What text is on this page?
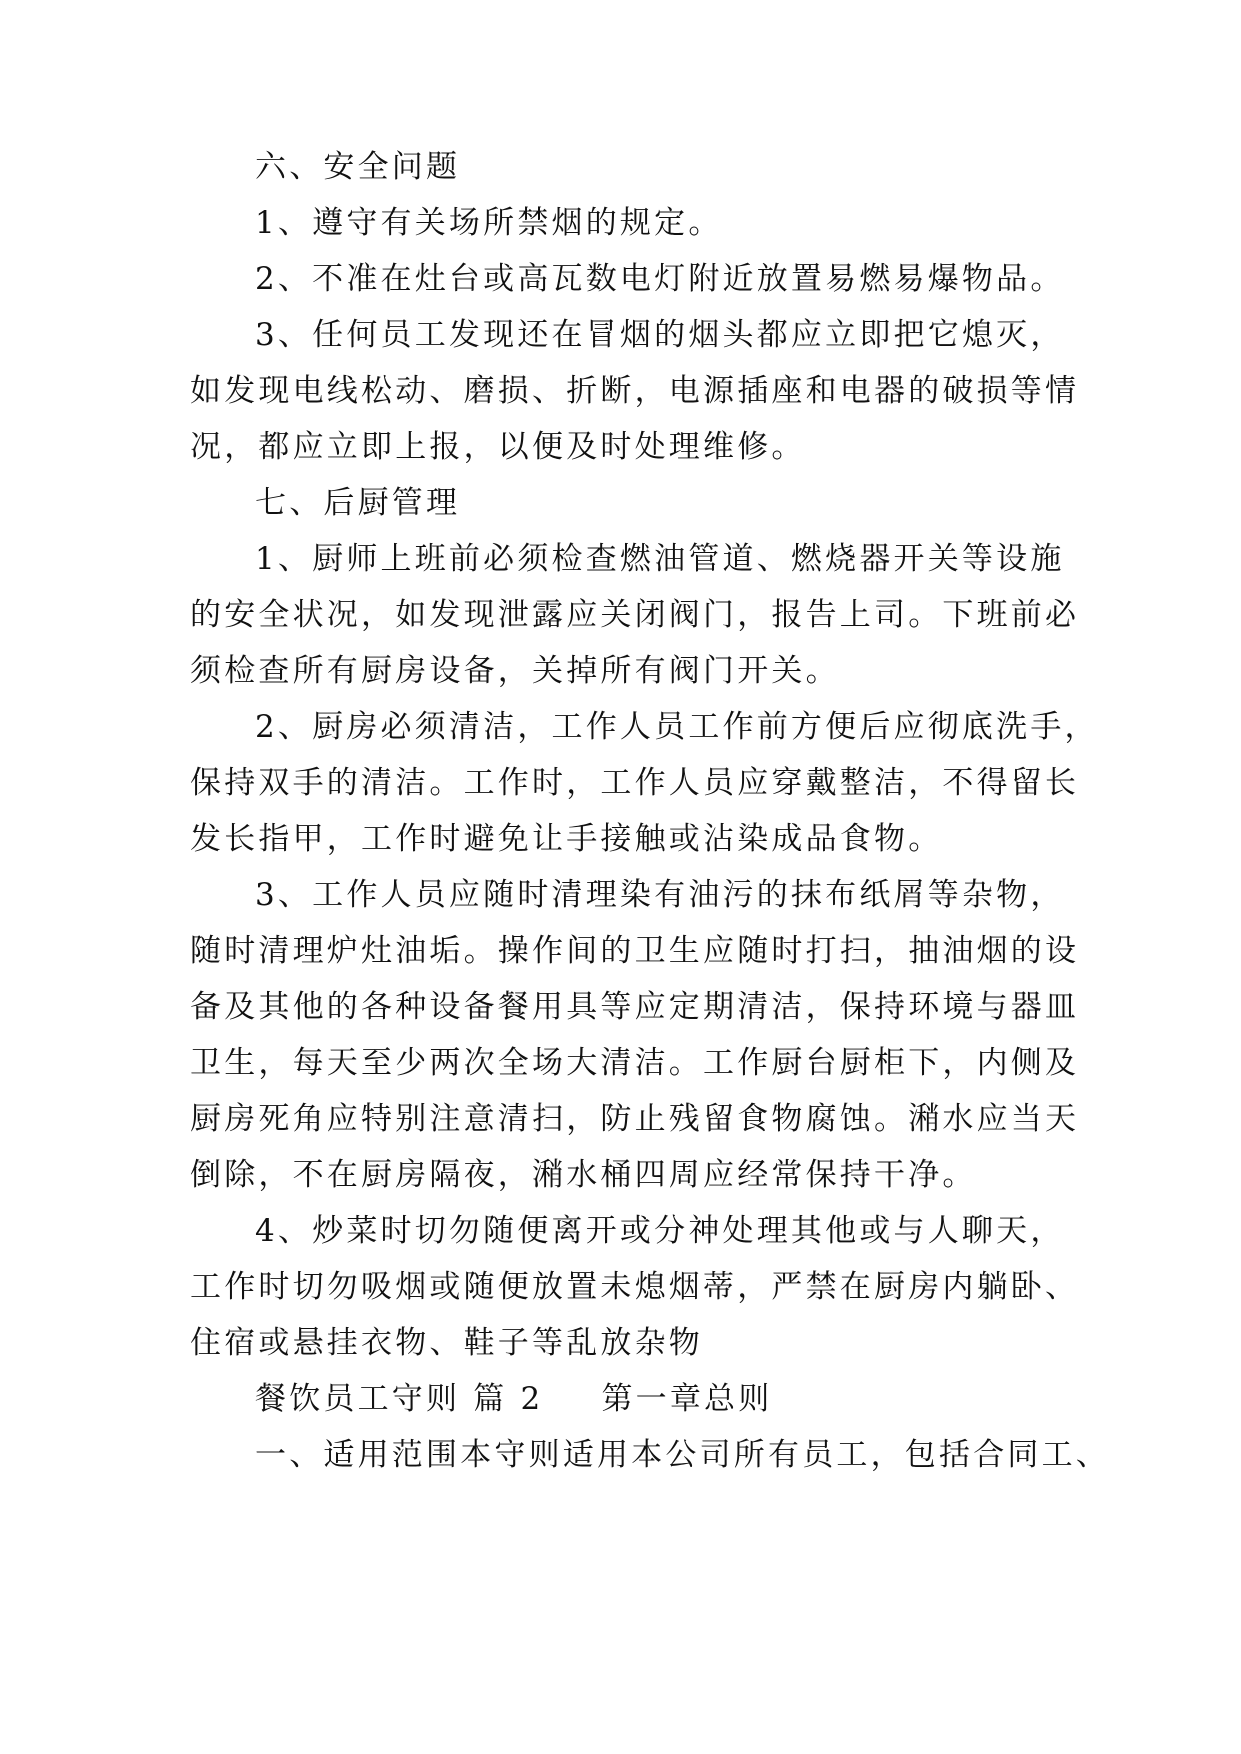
六、安全问题
1、遵守有关场所禁烟的规定。
2、不准在灶台或高瓦数电灯附近放置易燃易爆物品。
3、任何员工发现还在冒烟的烟头都应立即把它熄灭，
如发现电线松动、磨损、折断，电源插座和电器的破损等情
况，都应立即上报，以便及时处理维修。
七、后厨管理
1、厨师上班前必须检查燃油管道、燃烧器开关等设施
的安全状况，如发现泄露应关闭阀门，报告上司。下班前必
须检查所有厨房设备，关掉所有阀门开关。
2、厨房必须清洁，工作人员工作前方便后应彻底洗手，
保持双手的清洁。工作时，工作人员应穿戴整洁，不得留长
发长指甲，工作时避免让手接触或沾染成品食物。
3、工作人员应随时清理染有油污的抹布纸屑等杂物，
随时清理炉灶油垢。操作间的卫生应随时打扫，抽油烟的设
备及其他的各种设备餐用具等应定期清洁，保持环境与器皿
卫生，每天至少两次全场大清洁。工作厨台厨柜下，内侧及
厨房死角应特别注意清扫，防止残留食物腐蚀。潲水应当天
倒除，不在厨房隔夜，潲水桶四周应经常保持干净。
4、炒菜时切勿随便离开或分神处理其他或与人聊天，
工作时切勿吸烟或随便放置未熄烟蒂，严禁在厨房内躺卧、
住宿或悬挂衣物、鞋子等乱放杂物
餐饮员工守则 篇 2 第一章总则
一、适用范围本守则适用本公司所有员工，包括合同工、
